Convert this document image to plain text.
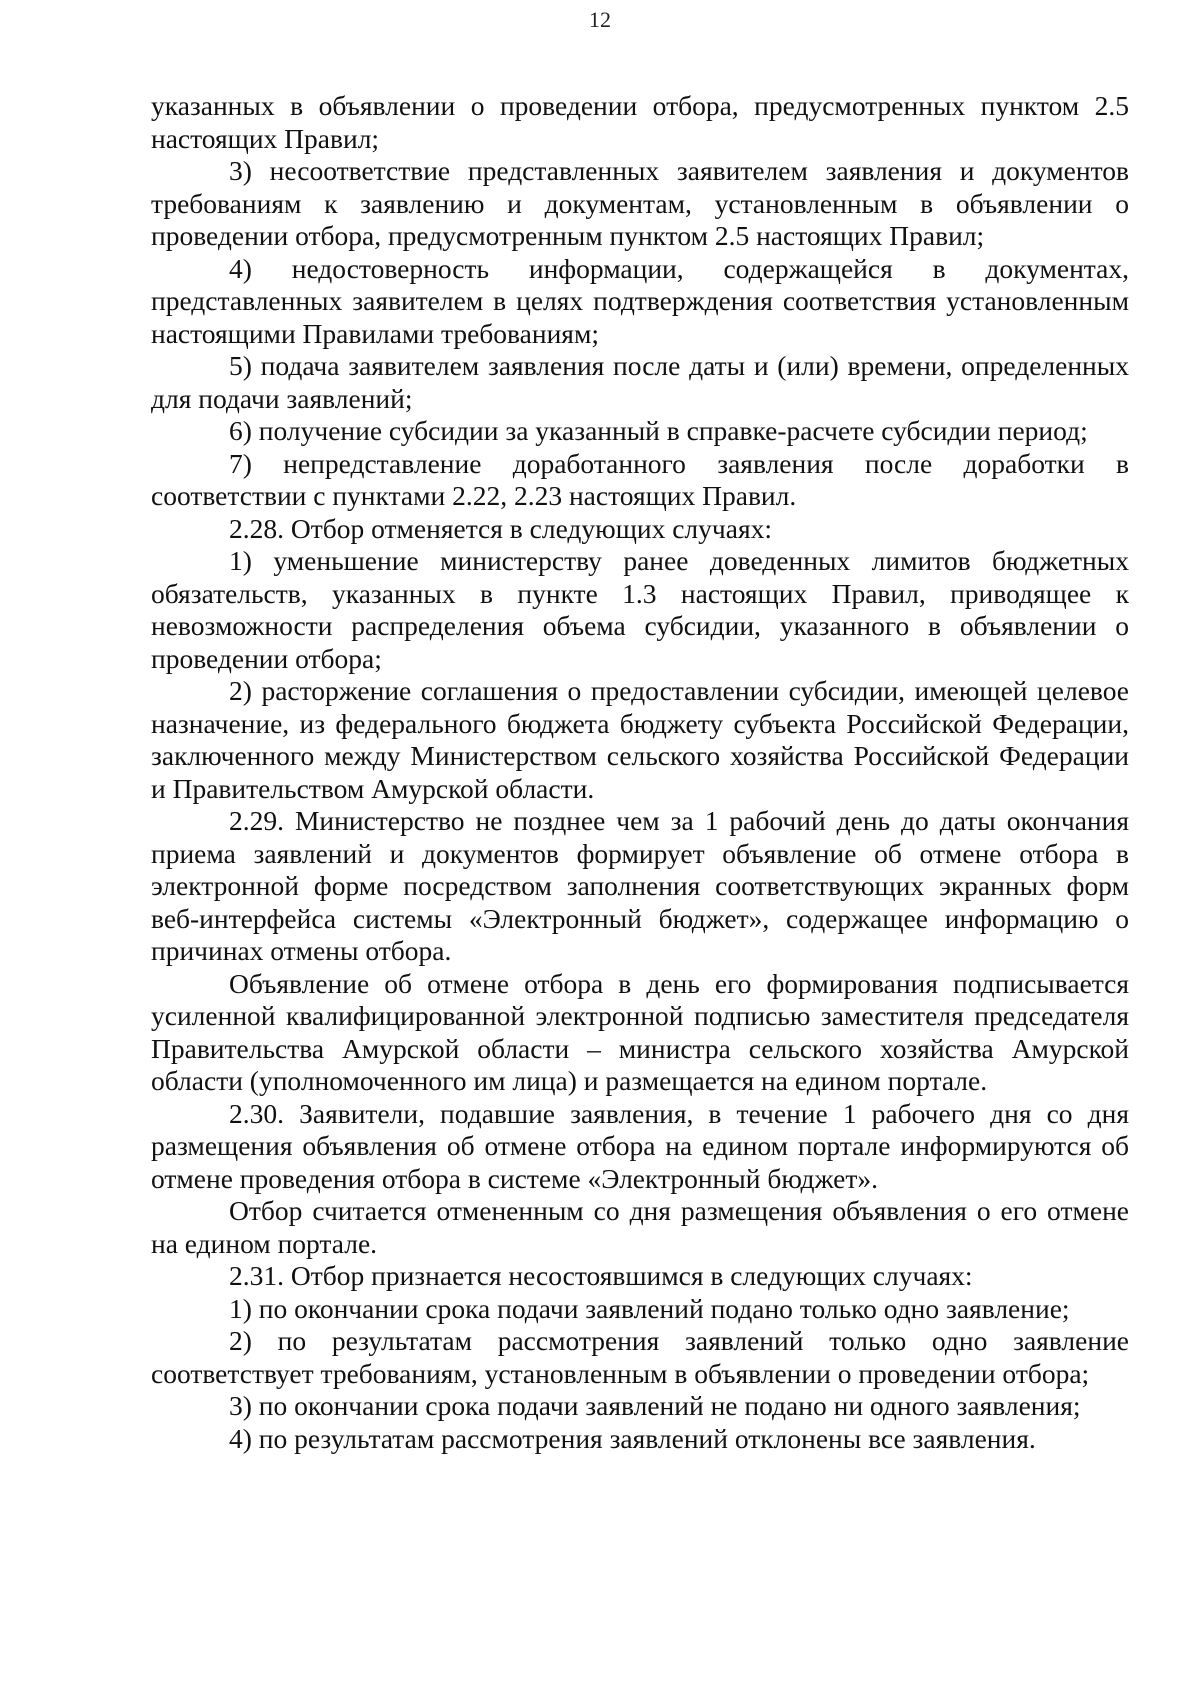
12

указанных в объявлении о проведении отбора, предусмотренных пунктом 2.5 настоящих Правил;

3) несоответствие представленных заявителем заявления и документов требованиям к заявлению и документам, установленным в объявлении о проведении отбора, предусмотренным пунктом 2.5 настоящих Правил;

4) недостоверность информации, содержащейся в документах, представленных заявителем в целях подтверждения соответствия установленным настоящими Правилами требованиям;

5) подача заявителем заявления после даты и (или) времени, определенных для подачи заявлений;

6) получение субсидии за указанный в справке-расчете субсидии период;

7) непредставление доработанного заявления после доработки в соответствии с пунктами 2.22, 2.23 настоящих Правил.

2.28. Отбор отменяется в следующих случаях:

1) уменьшение министерству ранее доведенных лимитов бюджетных обязательств, указанных в пункте 1.3 настоящих Правил, приводящее к невозможности распределения объема субсидии, указанного в объявлении о проведении отбора;

2) расторжение соглашения о предоставлении субсидии, имеющей целевое назначение, из федерального бюджета бюджету субъекта Российской Федерации, заключенного между Министерством сельского хозяйства Российской Федерации и Правительством Амурской области.

2.29. Министерство не позднее чем за 1 рабочий день до даты окончания приема заявлений и документов формирует объявление об отмене отбора в электронной форме посредством заполнения соответствующих экранных форм веб-интерфейса системы «Электронный бюджет», содержащее информацию о причинах отмены отбора.

Объявление об отмене отбора в день его формирования подписывается усиленной квалифицированной электронной подписью заместителя председателя Правительства Амурской области – министра сельского хозяйства Амурской области (уполномоченного им лица) и размещается на едином портале.

2.30. Заявители, подавшие заявления, в течение 1 рабочего дня со дня размещения объявления об отмене отбора на едином портале информируются об отмене проведения отбора в системе «Электронный бюджет».

Отбор считается отмененным со дня размещения объявления о его отмене на едином портале.

2.31. Отбор признается несостоявшимся в следующих случаях:

1) по окончании срока подачи заявлений подано только одно заявление;

2) по результатам рассмотрения заявлений только одно заявление соответствует требованиям, установленным в объявлении о проведении отбора;

3) по окончании срока подачи заявлений не подано ни одного заявления;

4) по результатам рассмотрения заявлений отклонены все заявления.
